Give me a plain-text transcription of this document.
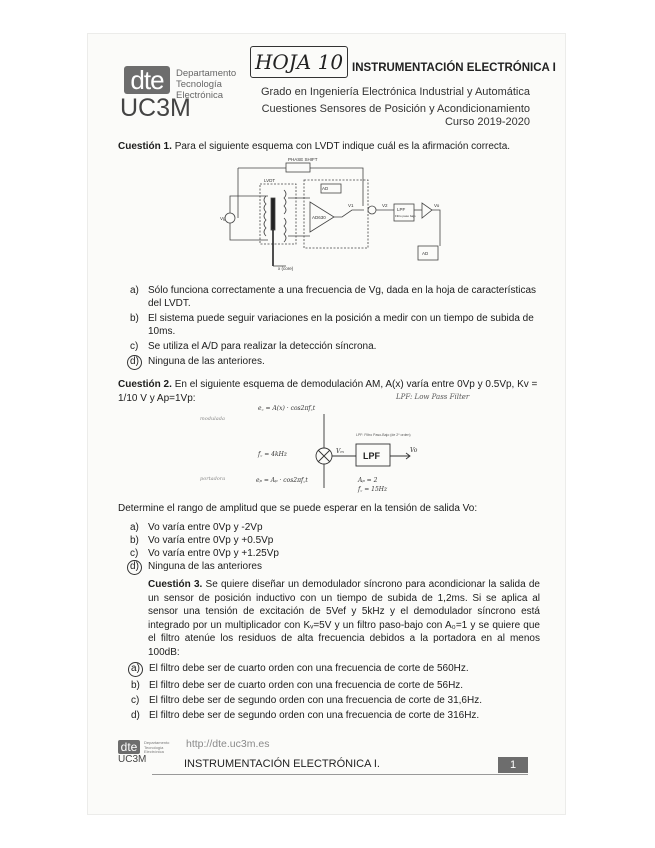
dte
UC3M
Departamento
Tecnología
Electrónica
HOJA 10 INSTRUMENTACIÓN ELECTRÓNICA I
Grado en Ingeniería Electrónica Industrial y Automática
Cuestiones Sensores de Posición y Acondicionamiento
Curso 2019-2020
Cuestión 1. Para el siguiente esquema con LVDT indique cuál es la afirmación correcta.
PHASE SHIFT
LVDT
Vg
AD
AD630
V1	V2
LPF
Vo
AD
x (core)
Filtro paso bajo
a) Sólo funciona correctamente a una frecuencia de Vg, dada en la hoja de características del LVDT.
b) El sistema puede seguir variaciones en la posición a medir con un tiempo de subida de 10ms.
c) Se utiliza el A/D para realizar la detección síncrona.
d) Ninguna de las anteriores.
Cuestión 2. En el siguiente esquema de demodulación AM, A(x) varía entre 0Vp y 0.5Vp, Kv = 1/10 V y Ap=1Vp:	LPF: Low Pass Filter
e꜀ = A(x) · cos2πf꜀t
eₚ = Aₚ · cos2πf꜀t
f꜀ = 4kHz
Aₚ = 2
f꜀ = 15Hz
Vo
Vₘ LPF
LPF: Filtro Paso-Bajo (de 2º orden)
modulada
portadora
Determine el rango de amplitud que se puede esperar en la tensión de salida Vo:
a) Vo varía entre 0Vp y -2Vp
b) Vo varía entre 0Vp y +0.5Vp
c) Vo varía entre 0Vp y +1.25Vp
d) Ninguna de las anteriores
Cuestión 3. Se quiere diseñar un demodulador síncrono para acondicionar la salida de un sensor de posición inductivo con un tiempo de subida de 1,2ms. Si se aplica al sensor una tensión de excitación de 5Vef y 5kHz y el demodulador síncrono está integrado por un multiplicador con Kᵥ=5V y un filtro paso-bajo con A₀=1 y se quiere que el filtro atenúe los residuos de alta frecuencia debidos a la portadora en al menos 100dB:
a) El filtro debe ser de cuarto orden con una frecuencia de corte de 560Hz.
b) El filtro debe ser de cuarto orden con una frecuencia de corte de 56Hz.
c) El filtro debe ser de segundo orden con una frecuencia de corte de 31,6Hz.
d) El filtro debe ser de segundo orden con una frecuencia de corte de 316Hz.
dte
UC3M
Departamento
Tecnología
Electrónica
http://dte.uc3m.es
INSTRUMENTACIÓN ELECTRÓNICA I.	1
